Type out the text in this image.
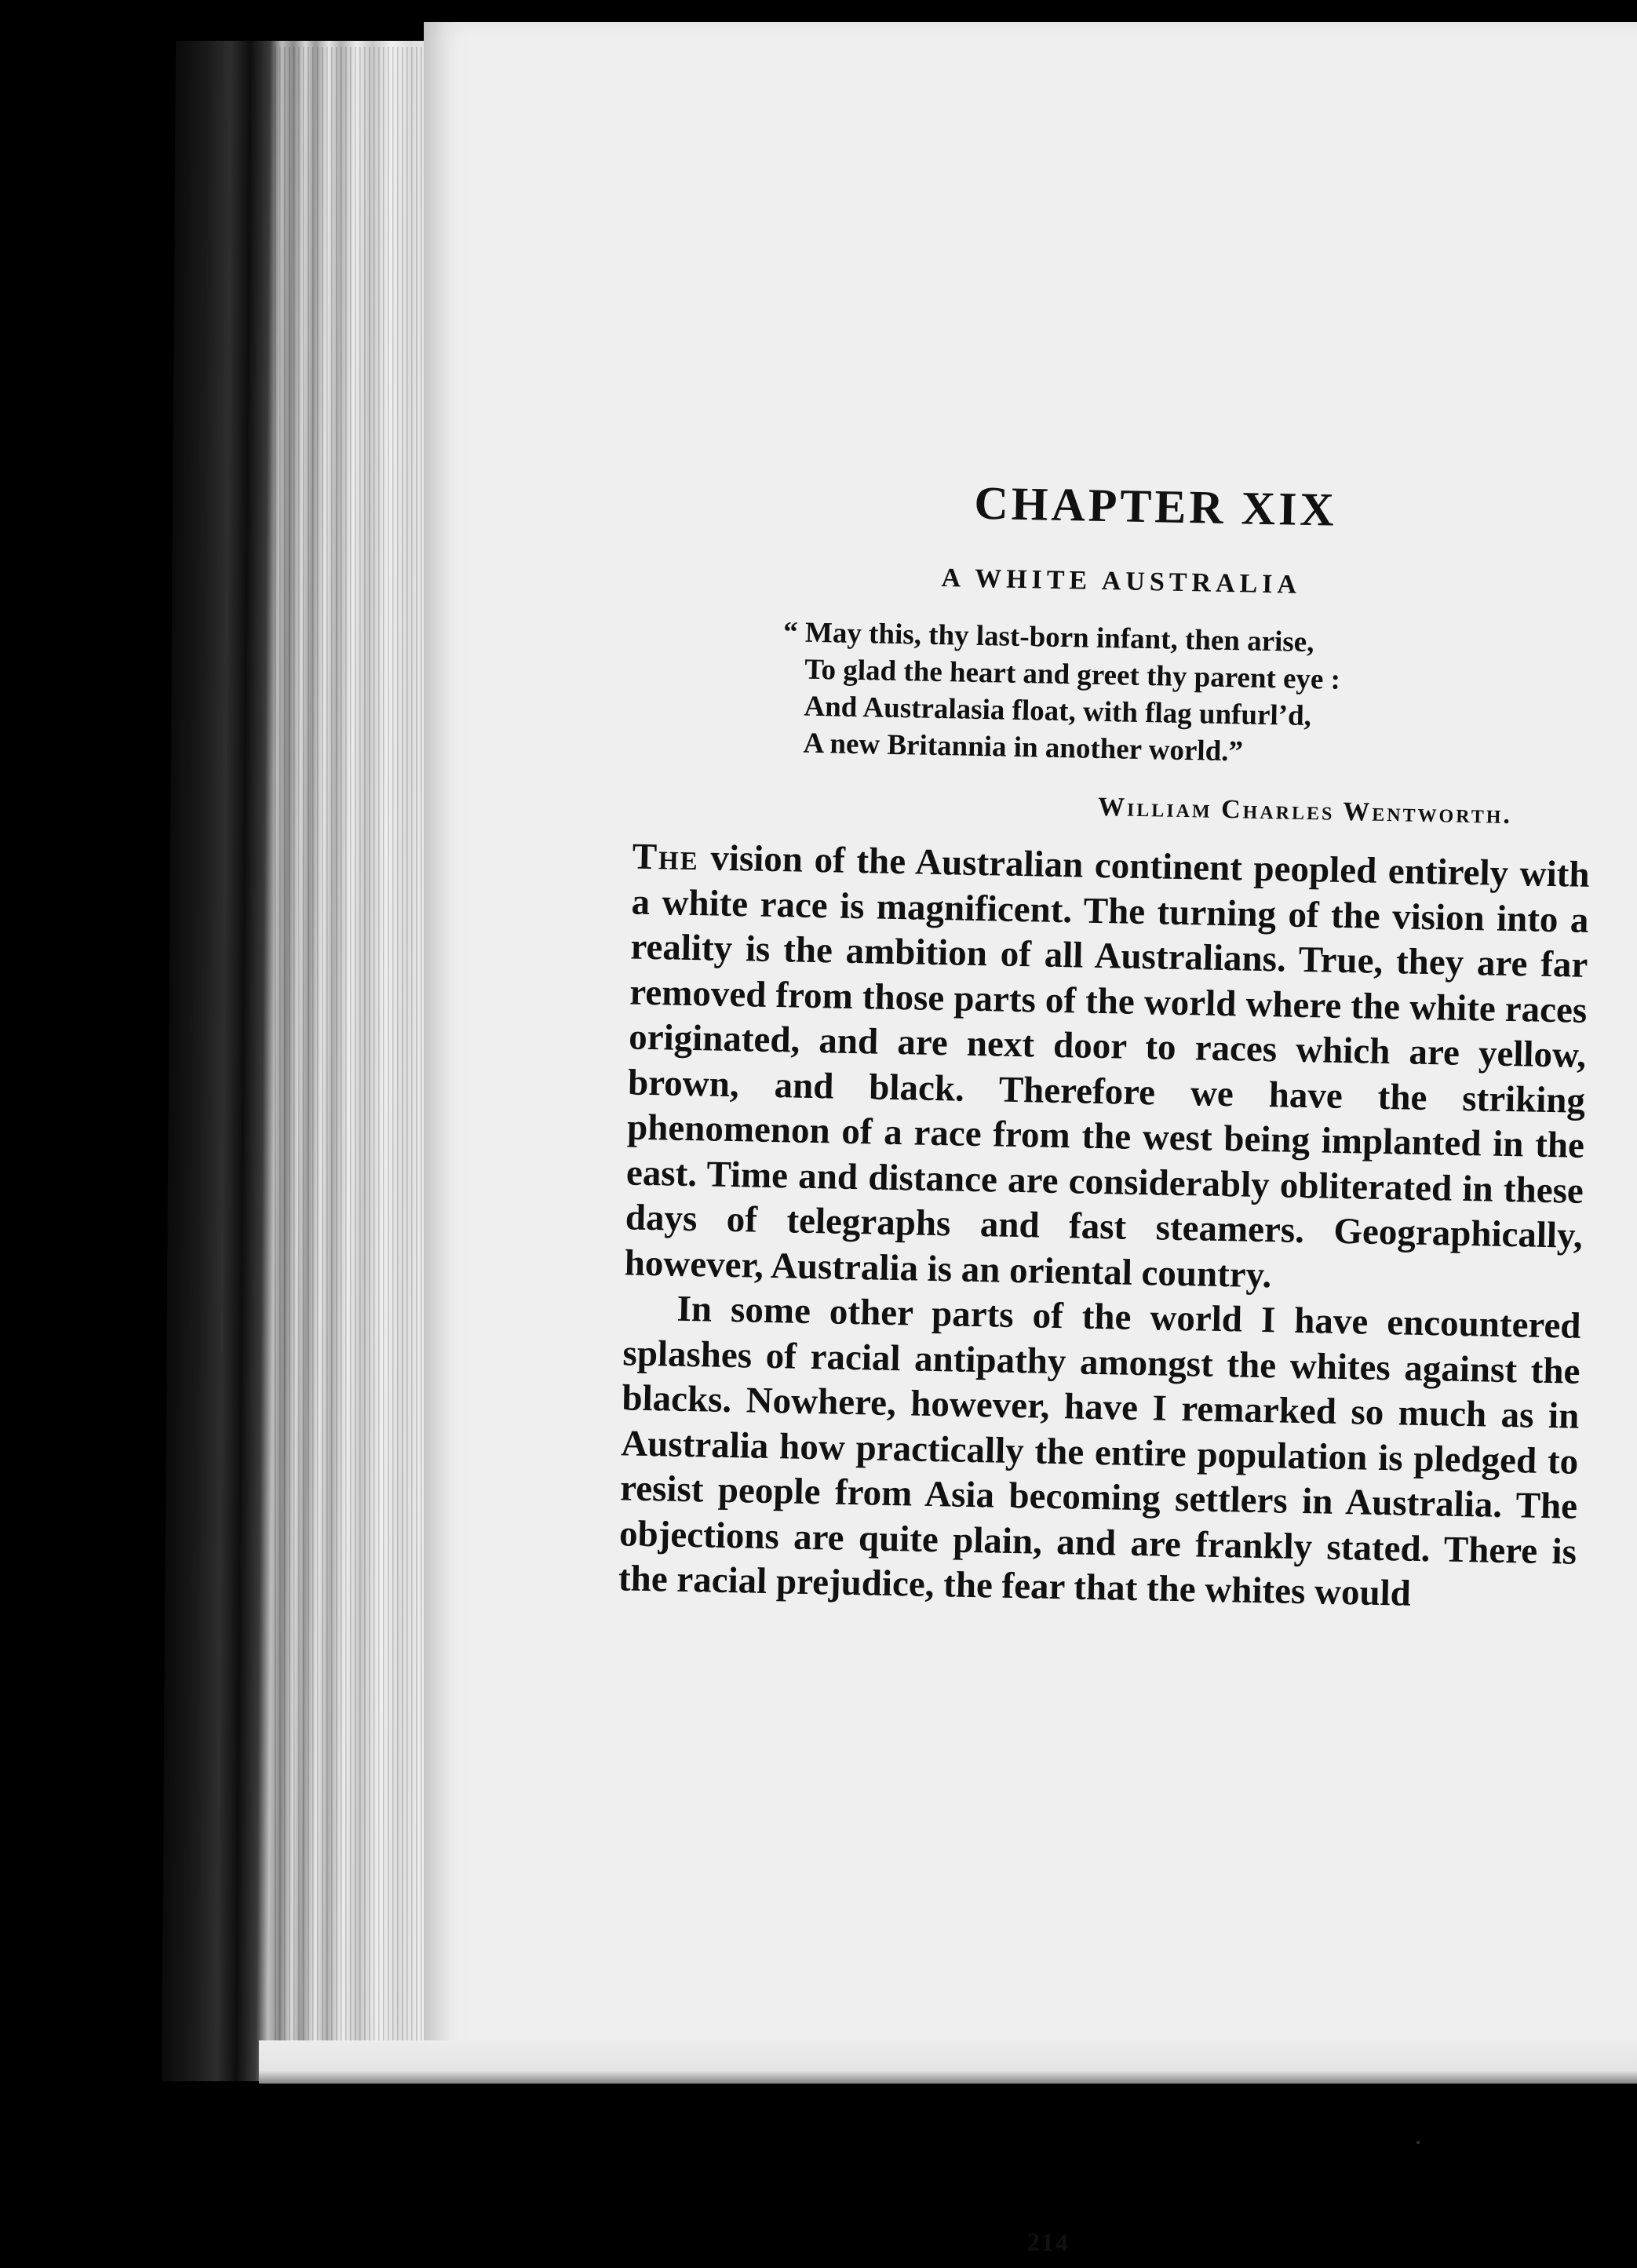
CHAPTER XIX
A WHITE AUSTRALIA
“ May this, thy last-born infant, then arise,
To glad the heart and greet thy parent eye :
And Australasia float, with flag unfurl’d,
A new Britannia in another world.”
William Charles Wentworth.

The vision of the Australian continent peopled entirely with a white race is magnificent. The turning of the vision into a reality is the ambition of all Australians. True, they are far removed from those parts of the world where the white races originated, and are next door to races which are yellow, brown, and black. Therefore we have the striking phenomenon of a race from the west being implanted in the east. Time and distance are considerably obliterated in these days of telegraphs and fast steamers. Geographically, however, Australia is an oriental country.

In some other parts of the world I have encountered splashes of racial antipathy amongst the whites against the blacks. Nowhere, however, have I remarked so much as in Australia how practically the entire population is pledged to resist people from Asia becoming settlers in Australia. The objections are quite plain, and are frankly stated. There is the racial prejudice, the fear that the whites would

214
